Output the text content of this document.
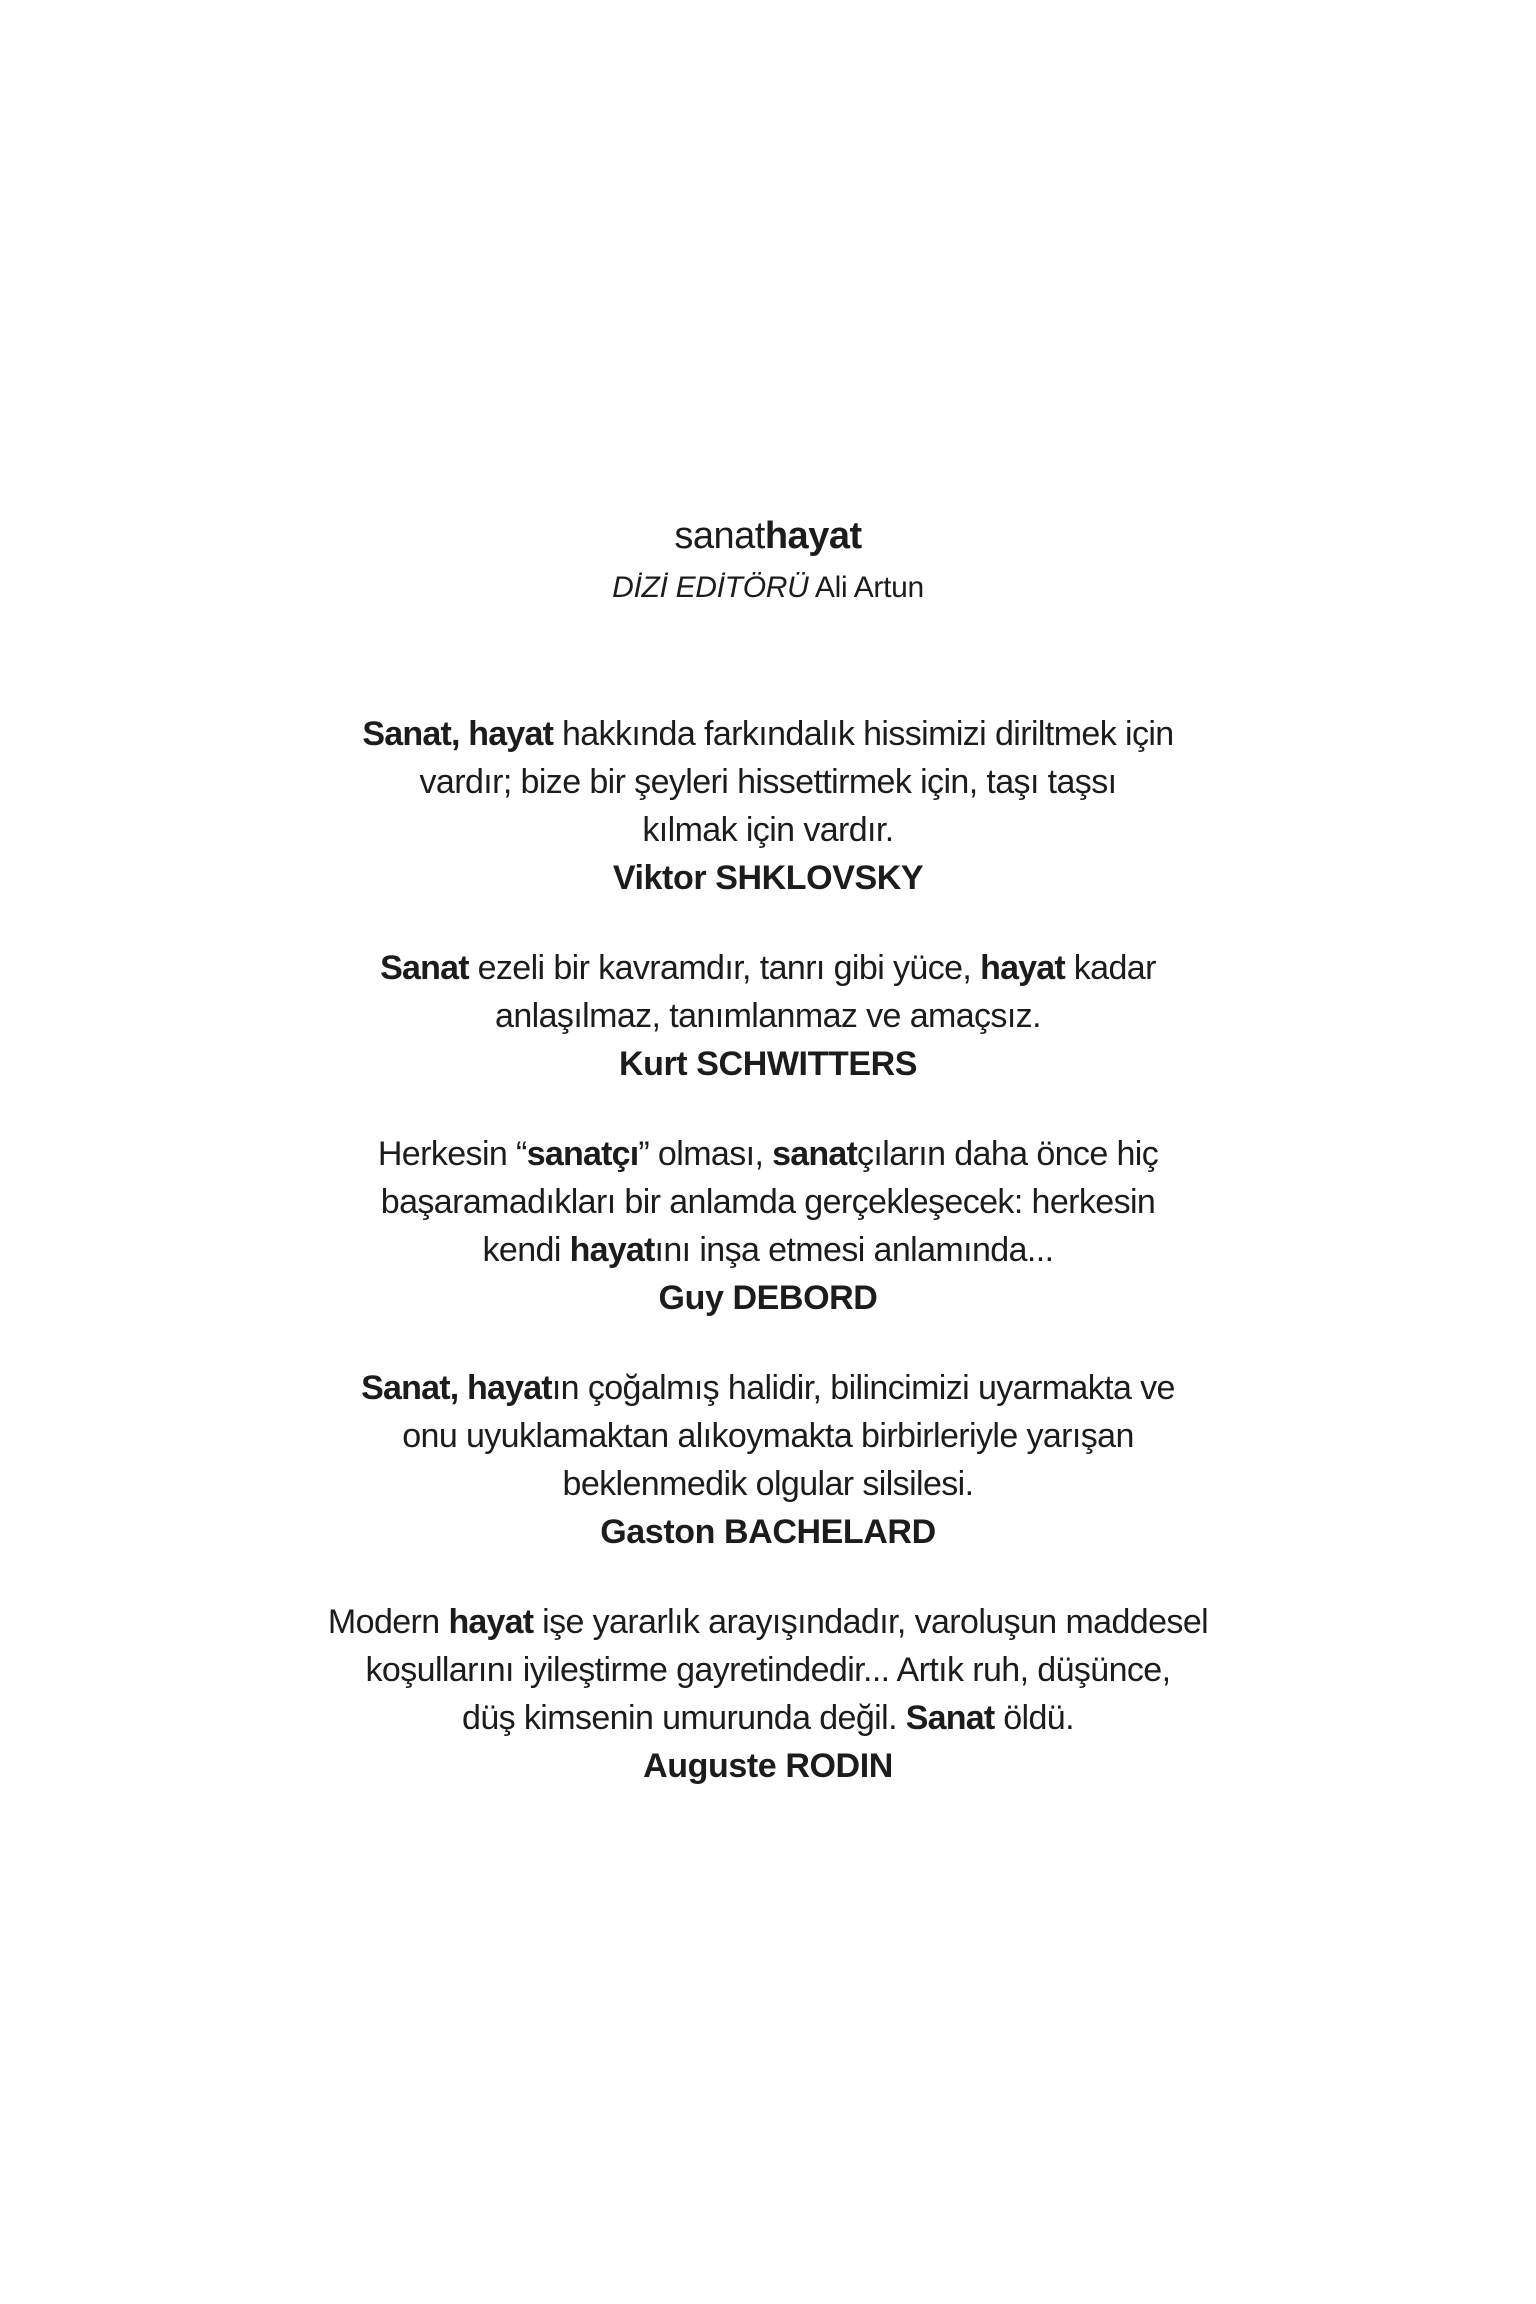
sanathayat
DİZİ EDİTÖRÜ Ali Artun

Sanat, hayat hakkında farkındalık hissimizi diriltmek için
vardır; bize bir şeyleri hissettirmek için, taşı taşsı
kılmak için vardır.

Viktor SHKLOVSKY

Sanat ezeli bir kavramdır, tanrı gibi yüce, hayat kadar
anlaşılmaz, tanımlanmaz ve amaçsız.

Kurt SCHWITTERS

Herkesin “sanatçı” olması, sanatçıların daha önce hiç
başaramadıkları bir anlamda gerçekleşecek: herkesin
kendi hayatını inşa etmesi anlamında...

Guy DEBORD

Sanat, hayatın çoğalmış halidir, bilincimizi uyarmakta ve
onu uyuklamaktan alıkoymakta birbirleriyle yarışan
beklenmedik olgular silsilesi.

Gaston BACHELARD

Modern hayat işe yararlık arayışındadır, varoluşun maddesel
koşullarını iyileştirme gayretindedir... Artık ruh, düşünce,
düş kimsenin umurunda değil. Sanat öldü.

Auguste RODIN
